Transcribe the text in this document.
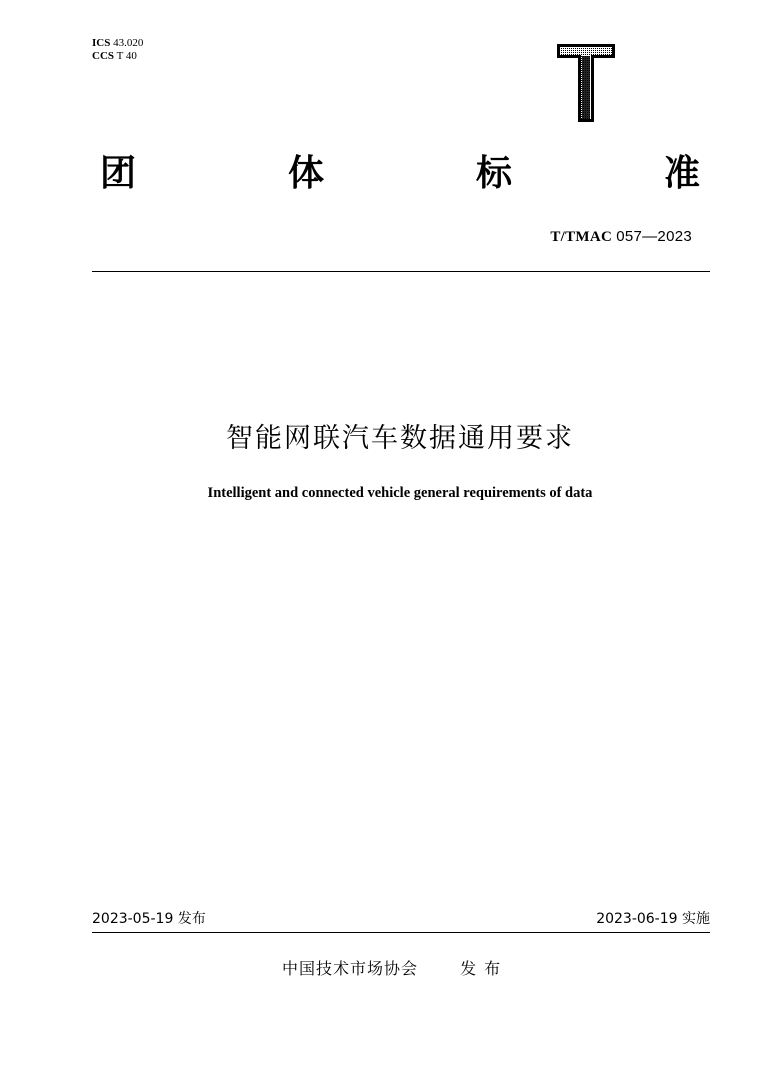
ICS 43.020
CCS T 40
团	体	标	准
T/TMAC 057—2023
智能网联汽车数据通用要求
Intelligent and connected vehicle general requirements of data
2023-05-19 发布	2023-06-19 实施
中国技术市场协会	发布
